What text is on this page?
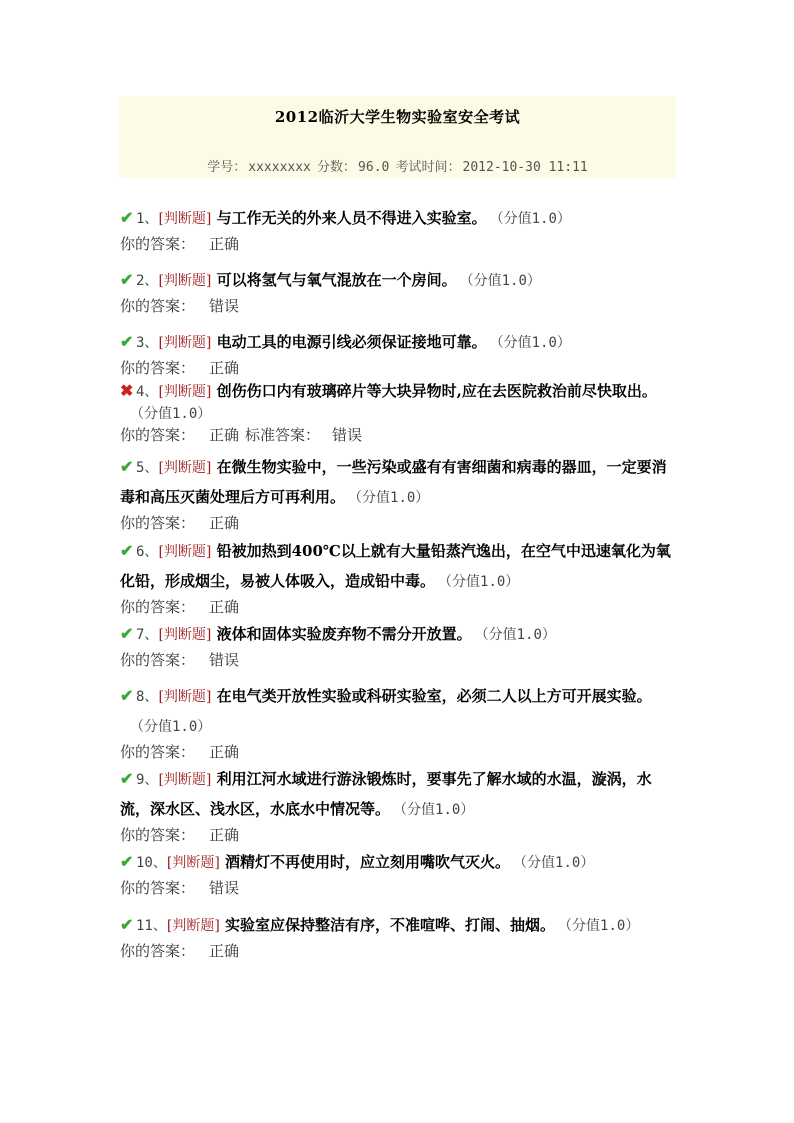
2012临沂大学生物实验室安全考试
学号： xxxxxxxx 分数： 96.0 考试时间： 2012-10-30 11:11
✔ 1、[判断题] 与工作无关的外来人员不得进入实验室。 （分值1.0）
你的答案： 正确
✔ 2、[判断题] 可以将氢气与氧气混放在一个房间。 （分值1.0）
你的答案： 错误
✔ 3、[判断题] 电动工具的电源引线必须保证接地可靠。 （分值1.0）
你的答案： 正确
✖ 4、[判断题] 创伤伤口内有玻璃碎片等大块异物时,应在去医院救治前尽快取出。（分值1.0）
你的答案： 正确 标准答案： 错误
✔ 5、[判断题] 在微生物实验中，一些污染或盛有有害细菌和病毒的器皿，一定要消毒和高压灭菌处理后方可再利用。 （分值1.0）
你的答案： 正确
✔ 6、[判断题] 铅被加热到400℃以上就有大量铅蒸汽逸出，在空气中迅速氧化为氧化铅，形成烟尘，易被人体吸入，造成铅中毒。 （分值1.0）
你的答案： 正确
✔ 7、[判断题] 液体和固体实验废弃物不需分开放置。 （分值1.0）
你的答案： 错误
✔ 8、[判断题] 在电气类开放性实验或科研实验室，必须二人以上方可开展实验。（分值1.0）
你的答案： 正确
✔ 9、[判断题] 利用江河水域进行游泳锻炼时，要事先了解水域的水温，漩涡，水流，深水区、浅水区，水底水中情况等。 （分值1.0）
你的答案： 正确
✔ 10、[判断题] 酒精灯不再使用时，应立刻用嘴吹气灭火。 （分值1.0）
你的答案： 错误
✔ 11、[判断题] 实验室应保持整洁有序，不准喧哗、打闹、抽烟。 （分值1.0）
你的答案： 正确
